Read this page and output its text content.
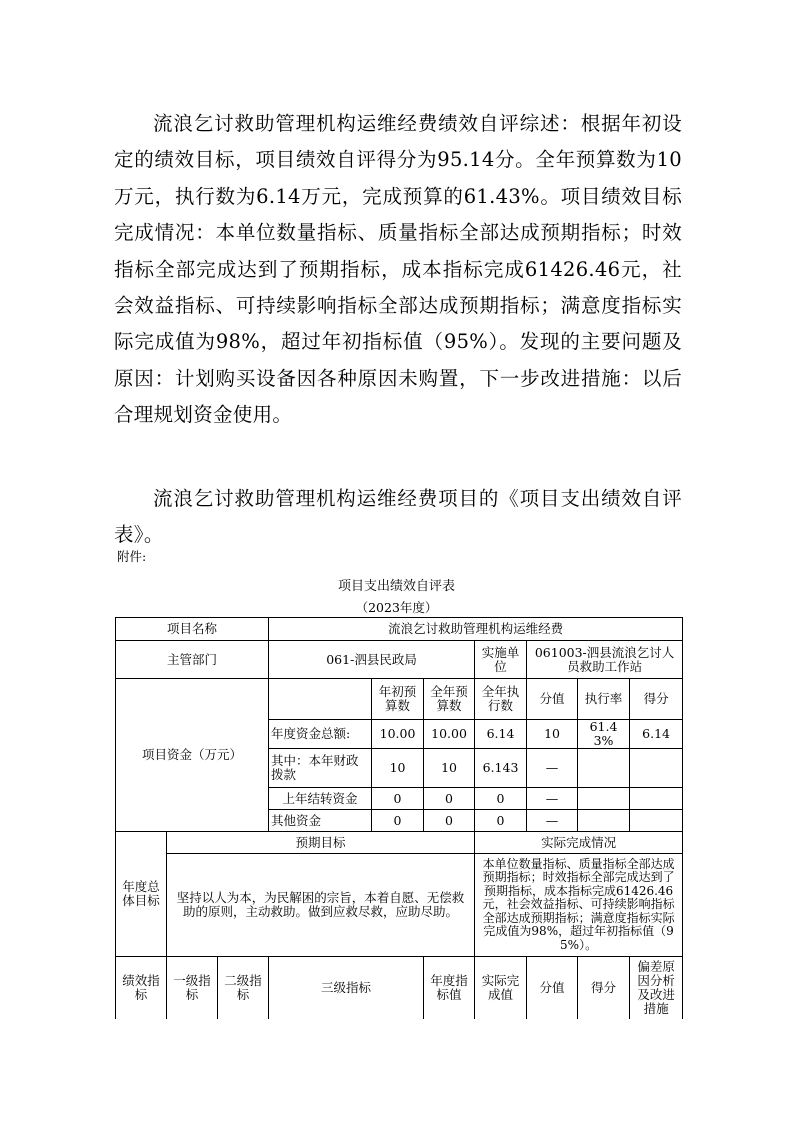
流浪乞讨救助管理机构运维经费绩效自评综述：根据年初设定的绩效目标，项目绩效自评得分为95.14分。全年预算数为10万元，执行数为6.14万元，完成预算的61.43%。项目绩效目标完成情况：本单位数量指标、质量指标全部达成预期指标；时效指标全部完成达到了预期指标，成本指标完成61426.46元，社会效益指标、可持续影响指标全部达成预期指标；满意度指标实际完成值为98%，超过年初指标值（95%）。发现的主要问题及原因：计划购买设备因各种原因未购置，下一步改进措施：以后合理规划资金使用。

流浪乞讨救助管理机构运维经费项目的《项目支出绩效自评表》。

附件:
项目支出绩效自评表
（2023年度）
项目名称			流浪乞讨救助管理机构运维经费						
主管部门			061-泗县民政局			实施单位	061003-泗县流浪乞讨人员救助工作站		
项目资金（万元）				年初预算数	全年预算数	全年执行数	分值	执行率	得分
			年度资金总额:	10.00	10.00	6.14	10	61.43%	6.14
			其中：本年财政拨款	10	10	6.143	—		
			上年结转资金	0	0	0	—		
			其他资金	0	0	0	—		
年度总体目标	预期目标					实际完成情况			
	坚持以人为本，为民解困的宗旨，本着自愿、无偿救助的原则，主动救助。做到应救尽救，应助尽助。					本单位数量指标、质量指标全部达成预期指标；时效指标全部完成达到了预期指标，成本指标完成61426.46元，社会效益指标、可持续影响指标全部达成预期指标；满意度指标实际完成值为98%，超过年初指标值（95%）。			
绩效指标	一级指标	二级指标	三级指标		年度指标值	实际完成值	分值	得分	偏差原因分析及改进措施
